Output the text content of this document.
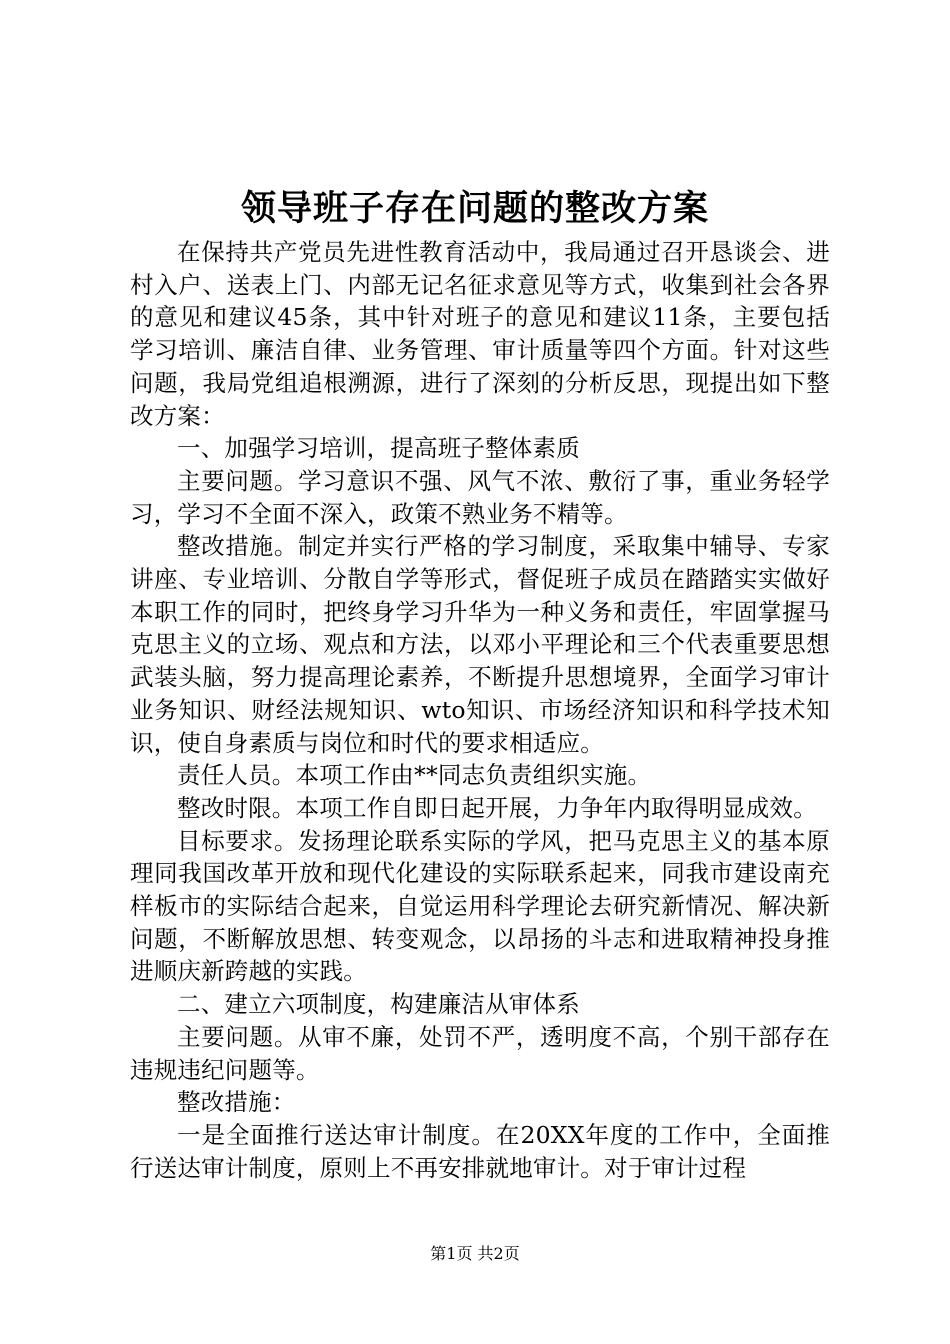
领导班子存在问题的整改方案

在保持共产党员先进性教育活动中，我局通过召开恳谈会、进村入户、送表上门、内部无记名征求意见等方式，收集到社会各界的意见和建议45条，其中针对班子的意见和建议11条，主要包括学习培训、廉洁自律、业务管理、审计质量等四个方面。针对这些问题，我局党组追根溯源，进行了深刻的分析反思，现提出如下整改方案：

一、加强学习培训，提高班子整体素质

主要问题。学习意识不强、风气不浓、敷衍了事，重业务轻学习，学习不全面不深入，政策不熟业务不精等。

整改措施。制定并实行严格的学习制度，采取集中辅导、专家讲座、专业培训、分散自学等形式，督促班子成员在踏踏实实做好本职工作的同时，把终身学习升华为一种义务和责任，牢固掌握马克思主义的立场、观点和方法，以邓小平理论和三个代表重要思想武装头脑，努力提高理论素养，不断提升思想境界，全面学习审计业务知识、财经法规知识、wto知识、市场经济知识和科学技术知识，使自身素质与岗位和时代的要求相适应。

责任人员。本项工作由**同志负责组织实施。

整改时限。本项工作自即日起开展，力争年内取得明显成效。

目标要求。发扬理论联系实际的学风，把马克思主义的基本原理同我国改革开放和现代化建设的实际联系起来，同我市建设南充样板市的实际结合起来，自觉运用科学理论去研究新情况、解决新问题，不断解放思想、转变观念，以昂扬的斗志和进取精神投身推进顺庆新跨越的实践。

二、建立六项制度，构建廉洁从审体系

主要问题。从审不廉，处罚不严，透明度不高，个别干部存在违规违纪问题等。

整改措施：

一是全面推行送达审计制度。在20XX年度的工作中，全面推行送达审计制度，原则上不再安排就地审计。对于审计过程

第1页 共2页
